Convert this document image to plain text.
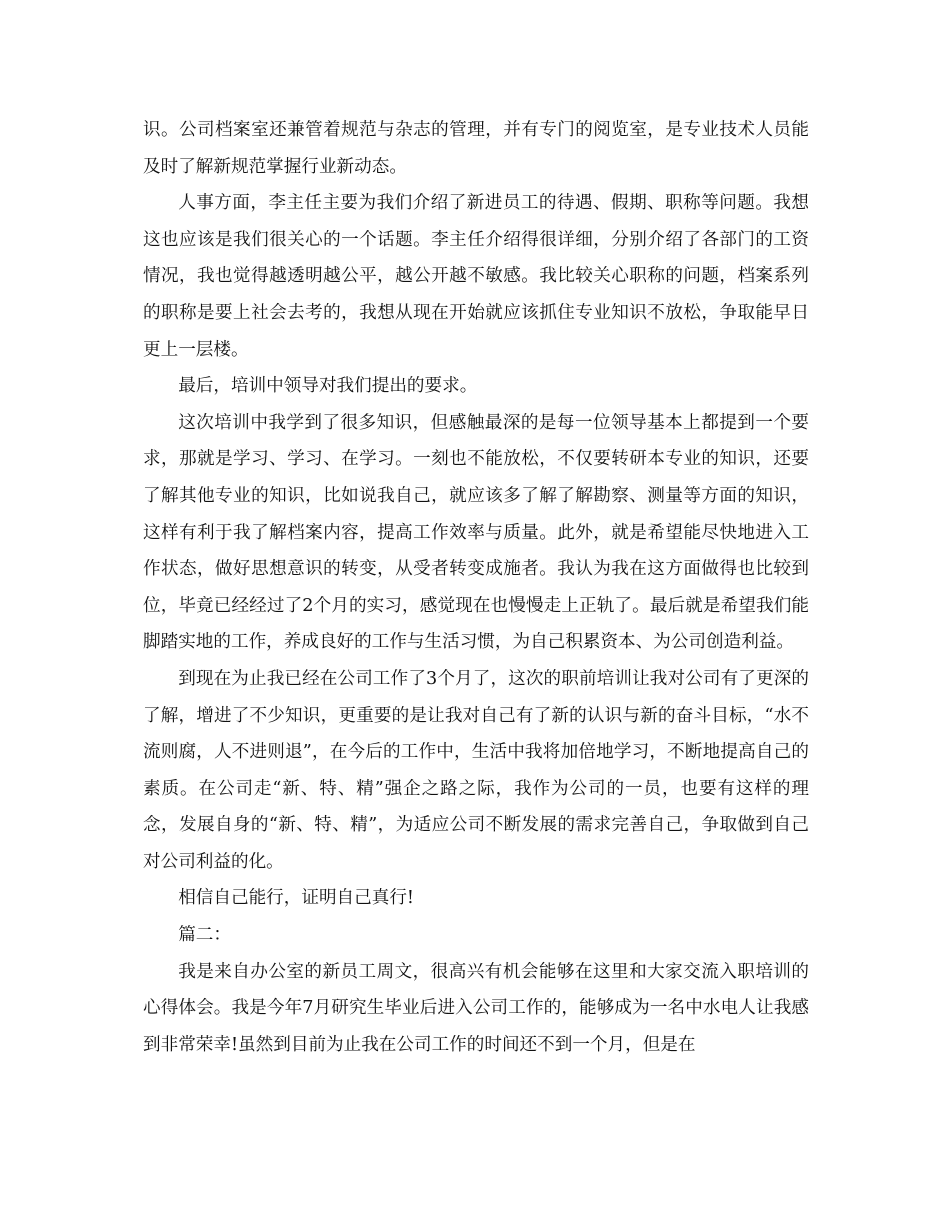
识。公司档案室还兼管着规范与杂志的管理，并有专门的阅览室，是专业技术人员能及时了解新规范掌握行业新动态。

人事方面，李主任主要为我们介绍了新进员工的待遇、假期、职称等问题。我想这也应该是我们很关心的一个话题。李主任介绍得很详细，分别介绍了各部门的工资情况，我也觉得越透明越公平，越公开越不敏感。我比较关心职称的问题，档案系列的职称是要上社会去考的，我想从现在开始就应该抓住专业知识不放松，争取能早日更上一层楼。

最后，培训中领导对我们提出的要求。

这次培训中我学到了很多知识，但感触最深的是每一位领导基本上都提到一个要求，那就是学习、学习、在学习。一刻也不能放松，不仅要转研本专业的知识，还要了解其他专业的知识，比如说我自己，就应该多了解了解勘察、测量等方面的知识，这样有利于我了解档案内容，提高工作效率与质量。此外，就是希望能尽快地进入工作状态，做好思想意识的转变，从受者转变成施者。我认为我在这方面做得也比较到位，毕竟已经经过了2个月的实习，感觉现在也慢慢走上正轨了。最后就是希望我们能脚踏实地的工作，养成良好的工作与生活习惯，为自己积累资本、为公司创造利益。

到现在为止我已经在公司工作了3个月了，这次的职前培训让我对公司有了更深的了解，增进了不少知识，更重要的是让我对自己有了新的认识与新的奋斗目标，“水不流则腐，人不进则退”，在今后的工作中，生活中我将加倍地学习，不断地提高自己的素质。在公司走“新、特、精”强企之路之际，我作为公司的一员，也要有这样的理念，发展自身的“新、特、精”，为适应公司不断发展的需求完善自己，争取做到自己对公司利益的化。

相信自己能行，证明自己真行!

篇二：

我是来自办公室的新员工周文，很高兴有机会能够在这里和大家交流入职培训的心得体会。我是今年7月研究生毕业后进入公司工作的，能够成为一名中水电人让我感到非常荣幸!虽然到目前为止我在公司工作的时间还不到一个月，但是在
